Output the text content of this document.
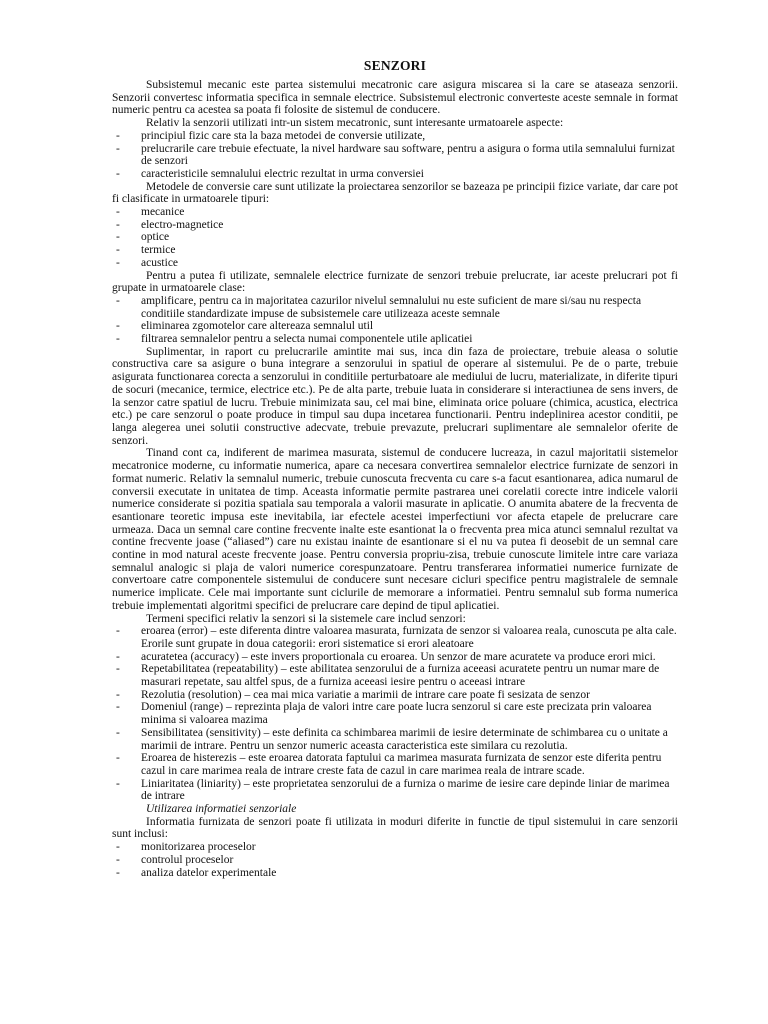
SENZORI

Subsistemul mecanic este partea sistemului mecatronic care asigura miscarea si la care se ataseaza senzorii. Senzorii convertesc informatia specifica in semnale electrice. Subsistemul electronic converteste aceste semnale in format numeric pentru ca acestea sa poata fi folosite de sistemul de conducere.

Relativ la senzorii utilizati intr-un sistem mecatronic, sunt interesante urmatoarele aspecte:

- principiul fizic care sta la baza metodei de conversie utilizate,
- prelucrarile care trebuie efectuate, la nivel hardware sau software, pentru a asigura o forma utila semnalului furnizat de senzori
- caracteristicile semnalului electric rezultat in urma conversiei

Metodele de conversie care sunt utilizate la proiectarea senzorilor se bazeaza pe principii fizice variate, dar care pot fi clasificate in urmatoarele tipuri:

- mecanice
- electro-magnetice
- optice
- termice
- acustice

Pentru a putea fi utilizate, semnalele electrice furnizate de senzori trebuie prelucrate, iar aceste prelucrari pot fi grupate in urmatoarele clase:

- amplificare, pentru ca in majoritatea cazurilor nivelul semnalului nu este suficient de mare si/sau nu respecta conditiile standardizate impuse de subsistemele care utilizeaza aceste semnale
- eliminarea zgomotelor care altereaza semnalul util
- filtrarea semnalelor pentru a selecta numai componentele utile aplicatiei

Suplimentar, in raport cu prelucrarile amintite mai sus, inca din faza de proiectare, trebuie aleasa o solutie constructiva care sa asigure o buna integrare a senzorului in spatiul de operare al sistemului. Pe de o parte, trebuie asigurata functionarea corecta a senzorului in conditiile perturbatoare ale mediului de lucru, materializate, in diferite tipuri de socuri (mecanice, termice, electrice etc.). Pe de alta parte, trebuie luata in considerare si interactiunea de sens invers, de la senzor catre spatiul de lucru. Trebuie minimizata sau, cel mai bine, eliminata orice poluare (chimica, acustica, electrica etc.) pe care senzorul o poate produce in timpul sau dupa incetarea functionarii. Pentru indeplinirea acestor conditii, pe langa alegerea unei solutii constructive adecvate, trebuie prevazute, prelucrari suplimentare ale semnalelor oferite de senzori.

Tinand cont ca, indiferent de marimea masurata, sistemul de conducere lucreaza, in cazul majoritatii sistemelor mecatronice moderne, cu informatie numerica, apare ca necesara convertirea semnalelor electrice furnizate de senzori in format numeric. Relativ la semnalul numeric, trebuie cunoscuta frecventa cu care s-a facut esantionarea, adica numarul de conversii executate in unitatea de timp. Aceasta informatie permite pastrarea unei corelatii corecte intre indicele valorii numerice considerate si pozitia spatiala sau temporala a valorii masurate in aplicatie. O anumita abatere de la frecventa de esantionare teoretic impusa este inevitabila, iar efectele acestei imperfectiuni vor afecta etapele de prelucrare care urmeaza. Daca un semnal care contine frecvente inalte este esantionat la o frecventa prea mica atunci semnalul rezultat va contine frecvente joase (“aliased”) care nu existau inainte de esantionare si el nu va putea fi deosebit de un semnal care contine in mod natural aceste frecvente joase. Pentru conversia propriu-zisa, trebuie cunoscute limitele intre care variaza semnalul analogic si plaja de valori numerice corespunzatoare. Pentru transferarea informatiei numerice furnizate de convertoare catre componentele sistemului de conducere sunt necesare cicluri specifice pentru magistralele de semnale numerice implicate. Cele mai importante sunt ciclurile de memorare a informatiei. Pentru semnalul sub forma numerica trebuie implementati algoritmi specifici de prelucrare care depind de tipul aplicatiei.

Termeni specifici relativ la senzori si la sistemele care includ senzori:

- eroarea (error) – este diferenta dintre valoarea masurata, furnizata de senzor si valoarea reala, cunoscuta pe alta cale. Erorile sunt grupate in doua categorii: erori sistematice si erori aleatoare
- acuratetea (accuracy) – este invers proportionala cu eroarea. Un senzor de mare acuratete va produce erori mici.
- Repetabilitatea (repeatability) – este abilitatea senzorului de a furniza aceeasi acuratete pentru un numar mare de masurari repetate, sau altfel spus, de a furniza aceeasi iesire pentru o aceeasi intrare
- Rezolutia (resolution) – cea mai mica variatie a marimii de intrare care poate fi sesizata de senzor
- Domeniul (range) – reprezinta plaja de valori intre care poate lucra senzorul si care este precizata prin valoarea minima si valoarea mazima
- Sensibilitatea (sensitivity) – este definita ca schimbarea marimii de iesire determinate de schimbarea cu o unitate a marimii de intrare. Pentru un senzor numeric aceasta caracteristica este similara cu rezolutia.
- Eroarea de histerezis – este eroarea datorata faptului ca marimea masurata furnizata de senzor este diferita pentru cazul in care marimea reala de intrare creste fata de cazul in care marimea reala de intrare scade.
- Liniaritatea (liniarity) – este proprietatea senzorului de a furniza o marime de iesire care depinde liniar de marimea de intrare

Utilizarea informatiei senzoriale

Informatia furnizata de senzori poate fi utilizata in moduri diferite in functie de tipul sistemului in care senzorii sunt inclusi:

- monitorizarea proceselor
- controlul proceselor
- analiza datelor experimentale
